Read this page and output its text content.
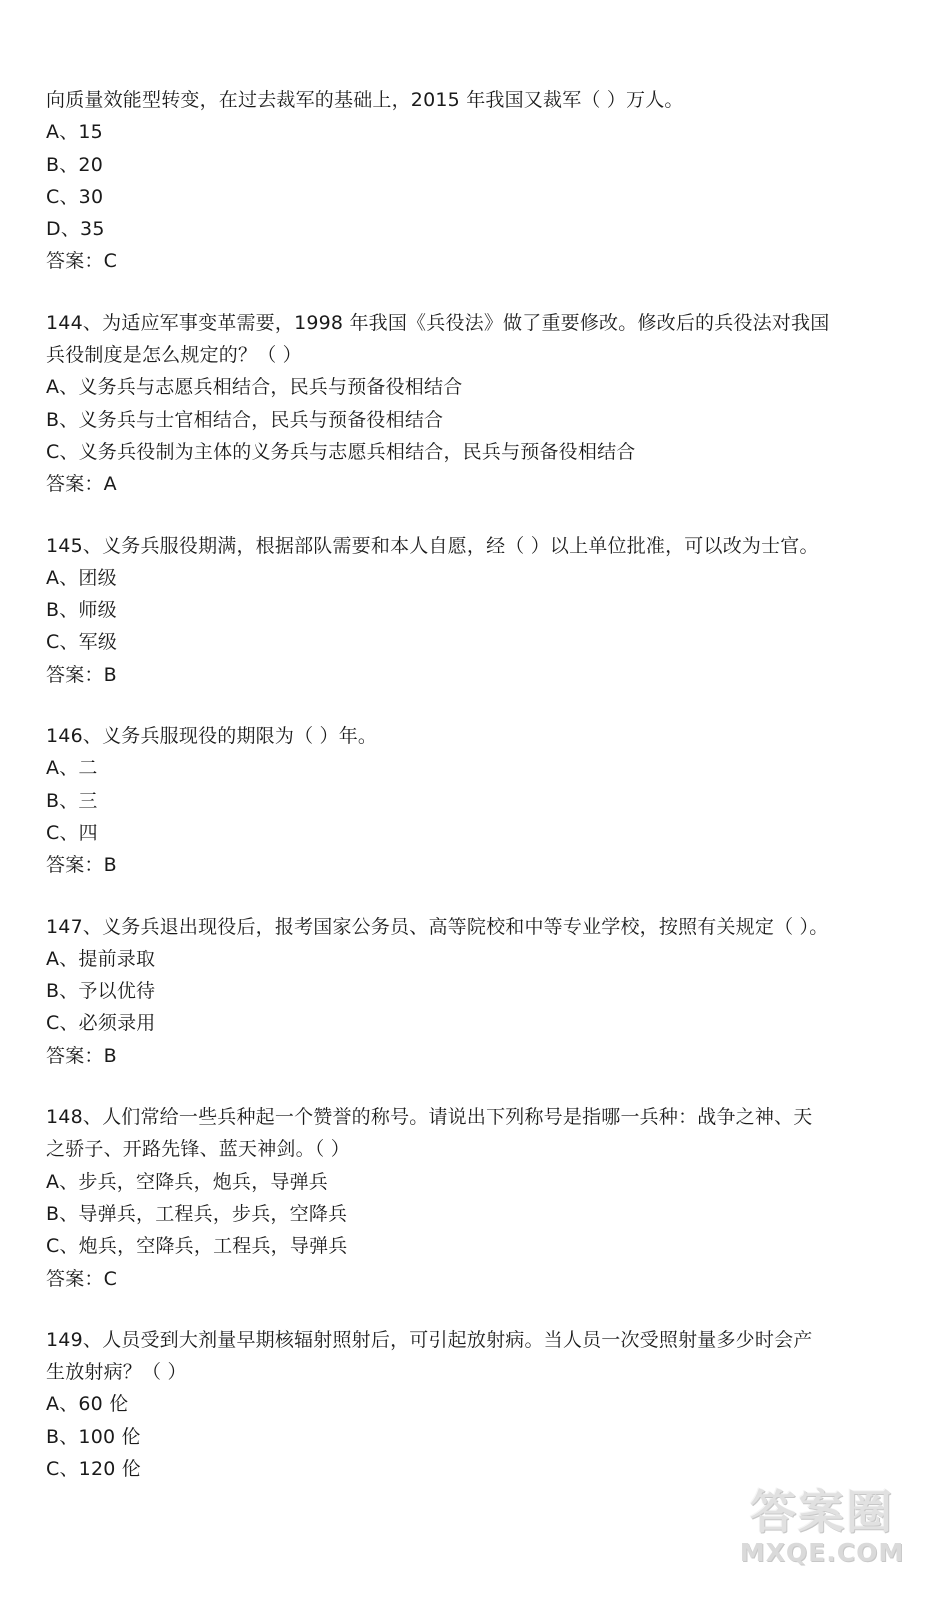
向质量效能型转变，在过去裁军的基础上，2015 年我国又裁军（ ）万人。

A、15

B、20

C、30

D、35

答案：C

144、为适应军事变革需要，1998 年我国《兵役法》做了重要修改。修改后的兵役法对我国

兵役制度是怎么规定的？（ ）

A、义务兵与志愿兵相结合，民兵与预备役相结合

B、义务兵与士官相结合，民兵与预备役相结合

C、义务兵役制为主体的义务兵与志愿兵相结合，民兵与预备役相结合

答案：A

145、义务兵服役期满，根据部队需要和本人自愿，经（ ）以上单位批准，可以改为士官。

A、团级

B、师级

C、军级

答案：B

146、义务兵服现役的期限为（ ）年。

A、二

B、三

C、四

答案：B

147、义务兵退出现役后，报考国家公务员、高等院校和中等专业学校，按照有关规定（ ）。

A、提前录取

B、予以优待

C、必须录用

答案：B

148、人们常给一些兵种起一个赞誉的称号。请说出下列称号是指哪一兵种：战争之神、天

之骄子、开路先锋、蓝天神剑。（ ）

A、步兵，空降兵，炮兵，导弹兵

B、导弹兵，工程兵，步兵，空降兵

C、炮兵，空降兵，工程兵，导弹兵

答案：C

149、人员受到大剂量早期核辐射照射后，可引起放射病。当人员一次受照射量多少时会产

生放射病？（ ）

A、60 伦

B、100 伦

C、120 伦

答案圈
MXQE.COM
